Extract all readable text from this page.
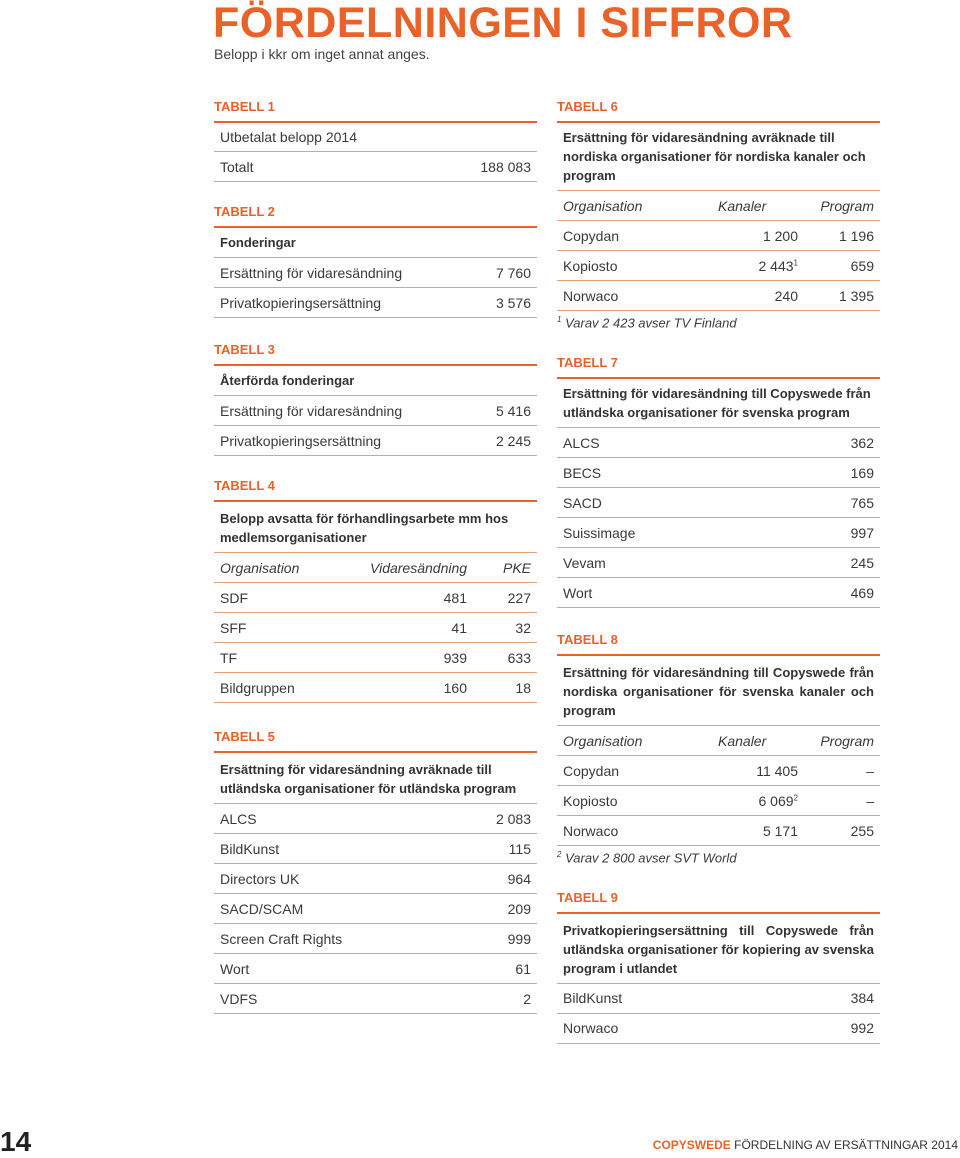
FÖRDELNINGEN I SIFFROR
Belopp i kkr om inget annat anges.
TABELL 1
Utbetalat belopp 2014
Totalt	188 083
TABELL 2
Fonderingar
Ersättning för vidaresändning	7 760
Privatkopieringsersättning	3 576
TABELL 3
Återförda fonderingar
Ersättning för vidaresändning	5 416
Privatkopieringsersättning	2 245
TABELL 4
Belopp avsatta för förhandlingsarbete mm hos medlemsorganisationer
Organisation	Vidaresändning	PKE
SDF	481	227
SFF	41	32
TF	939	633
Bildgruppen	160	18
TABELL 5
Ersättning för vidaresändning avräknade till utländska organisationer för utländska program
ALCS	2 083
BildKunst	115
Directors UK	964
SACD/SCAM	209
Screen Craft Rights	999
Wort	61
VDFS	2
TABELL 6
Ersättning för vidaresändning avräknade till nordiska organisationer för nordiska kanaler och program
Organisation	Kanaler	Program
Copydan	1 200	1 196
Kopiosto	2 $443^1$	659
Norwaco	240	1 395
$^1$ Varav 2 423 avser TV Finland
TABELL 7
Ersättning för vidaresändning till Copyswede från utländska organisationer för svenska program
ALCS	362
BECS	169
SACD	765
Suissimage	997
Vevam	245
Wort	469
TABELL 8
Ersättning för vidaresändning till Copyswede från nordiska organisationer för svenska kanaler och program
Organisation	Kanaler	Program
Copydan	11 405	–
Kopiosto	6 $069^2$	–
Norwaco	5 171	255
$^2$ Varav 2 800 avser SVT World
TABELL 9
Privatkopieringsersättning till Copyswede från utländska organisationer för kopiering av svenska program i utlandet
BildKunst	384
Norwaco	992
14	COPYSWEDE FÖRDELNING AV ERSÄTTNINGAR 2014
